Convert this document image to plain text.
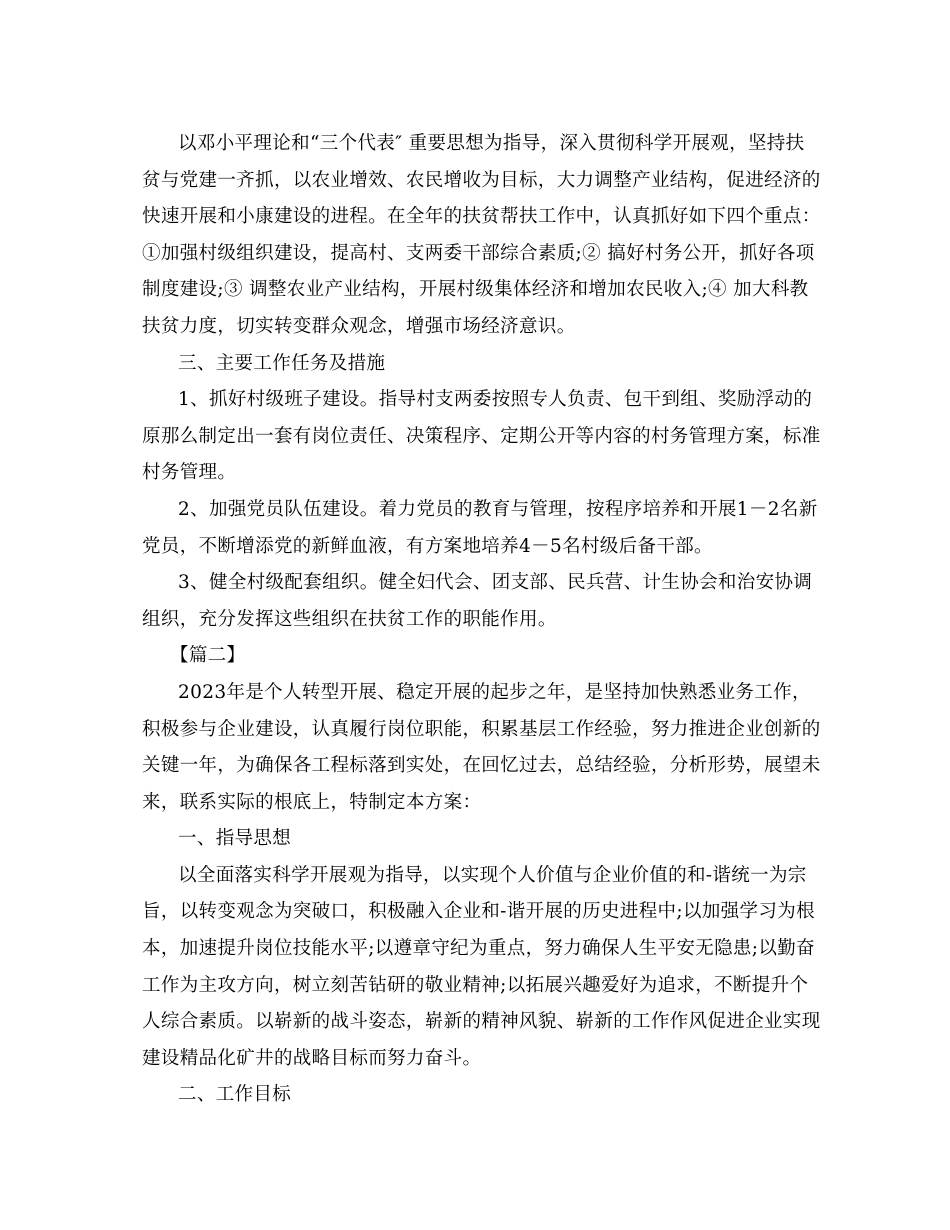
以邓小平理论和“三个代表″ 重要思想为指导，深入贯彻科学开展观，坚持扶
贫与党建一齐抓，以农业增效、农民增收为目标，大力调整产业结构，促进经济的
快速开展和小康建设的进程。在全年的扶贫帮扶工作中，认真抓好如下四个重点：
①加强村级组织建设，提高村、支两委干部综合素质;② 搞好村务公开，抓好各项
制度建设;③ 调整农业产业结构，开展村级集体经济和增加农民收入;④ 加大科教
扶贫力度，切实转变群众观念，增强市场经济意识。
三、主要工作任务及措施
1、抓好村级班子建设。指导村支两委按照专人负责、包干到组、奖励浮动的
原那么制定出一套有岗位责任、决策程序、定期公开等内容的村务管理方案，标准
村务管理。
2、加强党员队伍建设。着力党员的教育与管理，按程序培养和开展1－2名新
党员，不断增添党的新鲜血液，有方案地培养4－5名村级后备干部。
3、健全村级配套组织。健全妇代会、团支部、民兵营、计生协会和治安协调
组织，充分发挥这些组织在扶贫工作的职能作用。
【篇二】
2023年是个人转型开展、稳定开展的起步之年，是坚持加快熟悉业务工作，
积极参与企业建设，认真履行岗位职能，积累基层工作经验，努力推进企业创新的
关键一年，为确保各工程标落到实处，在回忆过去，总结经验，分析形势，展望未
来，联系实际的根底上，特制定本方案：
一、指导思想
以全面落实科学开展观为指导，以实现个人价值与企业价值的和-谐统一为宗
旨，以转变观念为突破口，积极融入企业和-谐开展的历史进程中;以加强学习为根
本，加速提升岗位技能水平;以遵章守纪为重点，努力确保人生平安无隐患;以勤奋
工作为主攻方向，树立刻苦钻研的敬业精神;以拓展兴趣爱好为追求，不断提升个
人综合素质。以崭新的战斗姿态，崭新的精神风貌、崭新的工作作风促进企业实现
建设精品化矿井的战略目标而努力奋斗。
二、工作目标
